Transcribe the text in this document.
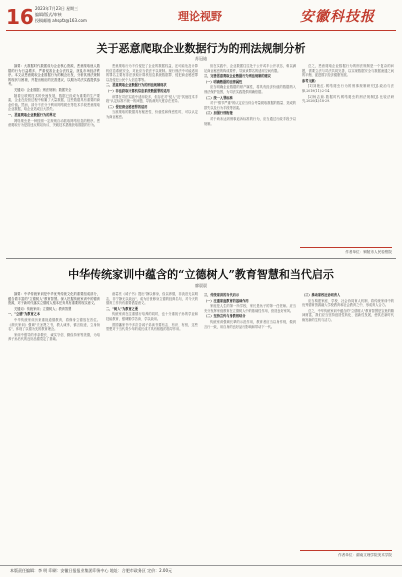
16 2023年7月23日 星期三
编辑/版式/审核
投稿邮箱 ahspfz@163.com	理论视野	安徽科技报
关于恶意爬取企业数据行为的刑法规制分析
苏冠迪

摘要：大数据时代数据成为企业核心资源，恶意爬取他人数据的行为日益增多，严重侵害企业合法权益，扰乱市场经济秩序。本文从恶意爬取企业数据行为的概念出发，分析其刑法规制的现状与困境，并提出相应的完善建议，以期为司法实践提供参考。

关键词：企业数据；刑法规制；数据安全

随着互联网技术的快速发展，数据已经成为重要的生产要素，企业在经营过程中积累了大量数据，这些数据具有重要的商业价值。然而，部分不法分子利用网络爬虫等技术手段恶意爬取企业数据，给企业造成巨大损失。

一、恶意爬取企业数据行为的界定

网络爬虫是一种按照一定规则自动抓取网络信息的程序。恶意爬取行为是指违反网站协议、突破技术措施获取数据的行为。

恶意爬取行为不仅侵犯了企业的数据权益，还可能危及计算机信息系统安全，对此应当依法予以规制。现行刑法中可能适用的罪名主要有非法获取计算机信息系统数据罪、侵犯商业秘密罪以及侵犯公民个人信息罪等。

二、恶意爬取企业数据行为的刑法规制现状

（一）非法获取计算机信息系统数据罪的适用

该罪在司法实践中适用较多，但存在对"侵入"及"其他技术手段"认定标准不统一的问题，导致裁判尺度存在差异。

（二）侵犯商业秘密罪的适用

当被爬取的数据具有秘密性、价值性和保密性时，可以认定为商业秘密。

但在实践中，企业数据往往处于公开或半公开状态，难以满足商业秘密的构成要件，导致该罪名的适用空间有限。

三、完善恶意爬取企业数据行为刑法规制的建议

（一）明确数据的法律属性

应当明确企业数据的财产属性，将具有经济价值的数据纳入刑法保护范围，为司法实践提供明确依据。

（二）统一入罪标准

对于"情节严重"的认定应当综合考量爬取数据的数量、造成的损失以及行为手段等因素。

（三）加强行刑衔接

对于尚未达到刑事追诉标准的行为，应当通过行政手段予以规制。

总之，恶意爬取企业数据行为的刑法规制是一个复杂的问题，需要立法与司法共同完善，以实现数据安全与数据流通之间的平衡，促进数字经济健康发展。

参考文献：

[1]刘艳红.网络爬虫行为的刑事规制研究[J].政治与法律,2019(11):2-14.

[2]杨志琼.数据时代网络爬虫的刑法规制[J].比较法研究,2020(4):18-29.

作者单位：铜陵市人民检察院
中华传统家训中蕴含的“立德树人”教育智慧和当代启示
廖晨晨

摘要：中华传统家训是中华优秀传统文化的重要组成部分，蕴含着丰富的"立德树人"教育智慧。深入挖掘传统家训中的德育资源，对于新时代落实立德树人根本任务具有重要的现实意义。

关键词：传统家训；立德树人；教育智慧

一、"立德"为教育之本

中华传统家训历来重视道德教育，将修身立德放在首位。《颜氏家训》强调"夫圣贤之书，教人诚孝，慎言检迹，立身扬名"，体现了以德为先的教育理念。

家训中倡导的孝亲敬长、诚实守信、勤俭持家等美德，为培养子孙后代的良好品德奠定了基础。

诸葛亮《诫子书》提出"静以修身，俭以养德，非淡泊无以明志，非宁静无以致远"，成为后世修身立德的经典名句，对今天的德育工作仍有重要借鉴意义。

二、"树人"为教育之要

传统家训在注重德行培养的同时，也十分重视子孙的学业和技能教育，强调勤学苦读、学以致用。

曾国藩家书中多次告诫子弟读书要有志、有识、有恒，这些思想对于当代青少年的成长成才具有积极的指导作用。

三、传统家训的当代启示

（一）注重家庭教育的基础作用

家庭是人生的第一所学校，家长是孩子的第一任老师。应当充分发挥家庭教育在立德树人中的基础性作用，营造良好家风。

（二）坚持言传与身教相结合

传统家训强调长辈的示范作用，教育者应当以身作则，做到言行一致，用自身的良好品行影响和带动下一代。

（三）推动家校社协同育人

应当构建家庭、学校、社会协同育人机制，将传统家训中的优秀德育资源融入学校教育和社会教育之中，形成育人合力。

总之，中华传统家训中蕴含的"立德树人"教育智慧是宝贵的精神财富，我们应当坚持创造性转化、创新性发展，使其在新时代焕发新的生机与活力。

作者单位：湖南文理学院美术学院
本版责任编辑：李 明 印刷：安徽日报报业集团印务中心 地址：合肥市政务区 定价：2.00元
